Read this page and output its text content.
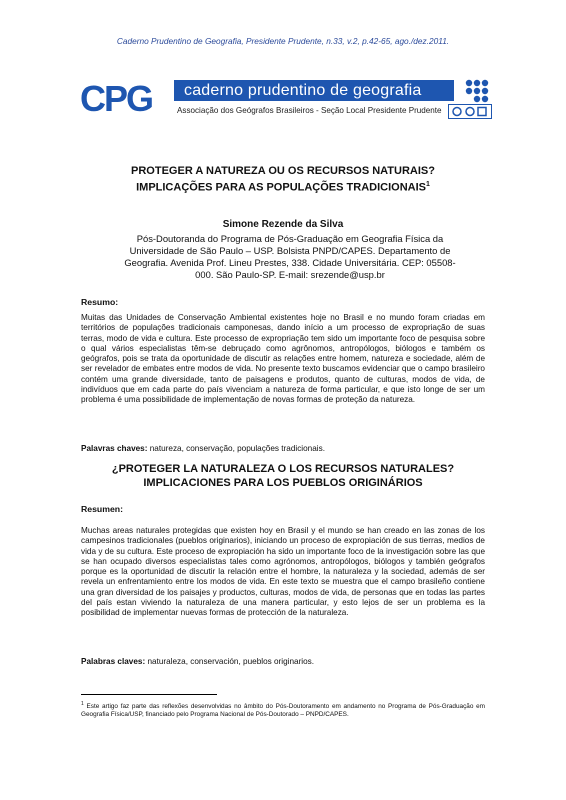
Caderno Prudentino de Geografia, Presidente Prudente, n.33, v.2, p.42-65, ago./dez.2011.
CPG caderno prudentino de geografia
Associação dos Geógrafos Brasileiros - Seção Local Presidente Prudente
PROTEGER A NATUREZA OU OS RECURSOS NATURAIS?
IMPLICAÇÕES PARA AS POPULAÇÕES TRADICIONAIS$^1$
Simone Rezende da Silva
Pós-Doutoranda do Programa de Pós-Graduação em Geografia Física da Universidade de São Paulo – USP. Bolsista PNPD/CAPES. Departamento de Geografia. Avenida Prof. Lineu Prestes, 338. Cidade Universitária. CEP: 05508-000. São Paulo-SP. E-mail: srezende@usp.br
Resumo:
Muitas das Unidades de Conservação Ambiental existentes hoje no Brasil e no mundo foram criadas em territórios de populações tradicionais camponesas, dando início a um processo de expropriação de suas terras, modo de vida e cultura. Este processo de expropriação tem sido um importante foco de pesquisa sobre o qual vários especialistas têm-se debruçado como agrônomos, antropólogos, biólogos e também os geógrafos, pois se trata da oportunidade de discutir as relações entre homem, natureza e sociedade, além de ser revelador de embates entre modos de vida. No presente texto buscamos evidenciar que o campo brasileiro contém uma grande diversidade, tanto de paisagens e produtos, quanto de culturas, modos de vida, de indivíduos que em cada parte do país vivenciam a natureza de forma particular, e que isto longe de ser um problema é uma possibilidade de implementação de novas formas de proteção da natureza.
Palavras chaves: natureza, conservação, populações tradicionais.
¿PROTEGER LA NATURALEZA O LOS RECURSOS NATURALES?
IMPLICACIONES PARA LOS PUEBLOS ORIGINÁRIOS
Resumen:
Muchas areas naturales protegidas que existen hoy en Brasil y el mundo se han creado en las zonas de los campesinos tradicionales (pueblos originarios), iniciando un proceso de expropiación de sus tierras, medios de vida y de su cultura. Este proceso de expropiación ha sido un importante foco de la investigación sobre las que se han ocupado diversos especialistas tales como agrónomos, antropólogos, biólogos y también geógrafos porque es la oportunidad de discutir la relación entre el hombre, la naturaleza y la sociedad, además de ser revela un enfrentamiento entre los modos de vida. En este texto se muestra que el campo brasileño contiene una gran diversidad de los paisajes y productos, culturas, modos de vida, de personas que en todas las partes del país estan viviendo la naturaleza de una manera particular, y esto lejos de ser un problema es la posibilidad de implementar nuevas formas de protección de la naturaleza.
Palabras claves: naturaleza, conservación, pueblos originarios.
$^1$ Este artigo faz parte das reflexões desenvolvidas no âmbito do Pós-Doutoramento em andamento no Programa de Pós-Graduação em Geografia Física/USP, financiado pelo Programa Nacional de Pós-Doutorado – PNPD/CAPES.
